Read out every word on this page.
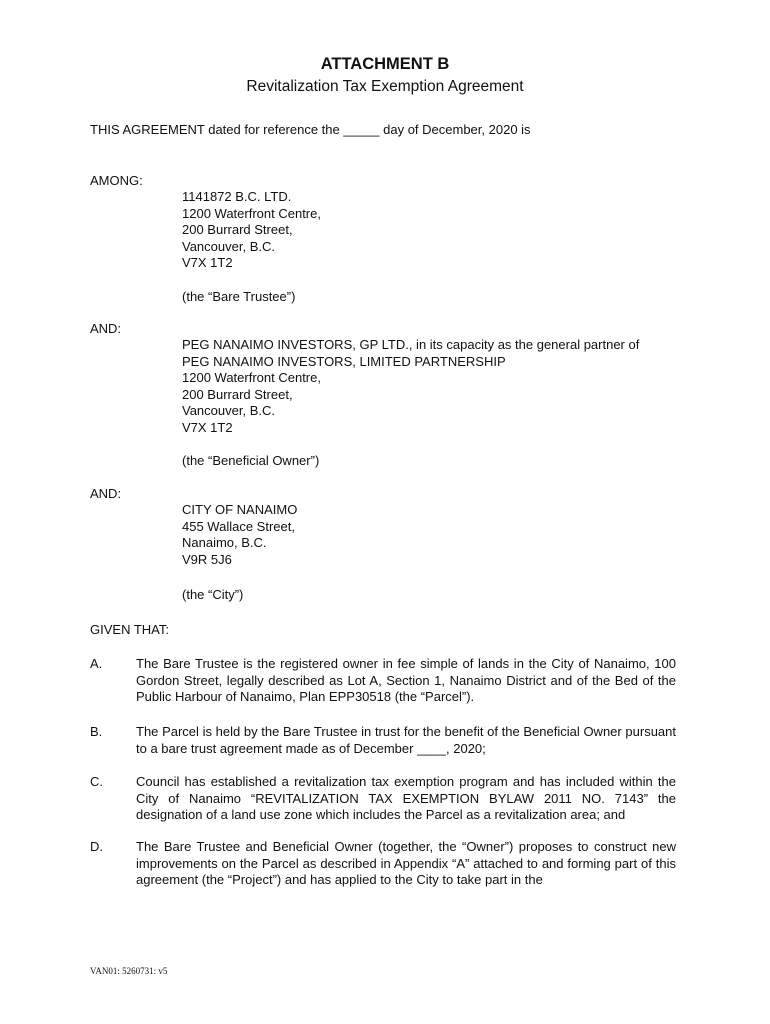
ATTACHMENT B
Revitalization Tax Exemption Agreement
THIS AGREEMENT dated for reference the _____ day of December, 2020 is
AMONG:
1141872 B.C. LTD.
1200 Waterfront Centre,
200 Burrard Street,
Vancouver, B.C.
V7X 1T2
(the “Bare Trustee”)
AND:
PEG NANAIMO INVESTORS, GP LTD., in its capacity as the general partner of
PEG NANAIMO INVESTORS, LIMITED PARTNERSHIP
1200 Waterfront Centre,
200 Burrard Street,
Vancouver, B.C.
V7X 1T2
(the “Beneficial Owner”)
AND:
CITY OF NANAIMO
455 Wallace Street,
Nanaimo, B.C.
V9R 5J6
(the “City”)
GIVEN THAT:
A.	The Bare Trustee is the registered owner in fee simple of lands in the City of Nanaimo, 100 Gordon Street, legally described as Lot A, Section 1, Nanaimo District and of the Bed of the Public Harbour of Nanaimo, Plan EPP30518 (the “Parcel”).
B.	The Parcel is held by the Bare Trustee in trust for the benefit of the Beneficial Owner pursuant to a bare trust agreement made as of December ____, 2020;
C.	Council has established a revitalization tax exemption program and has included within the City of Nanaimo “REVITALIZATION TAX EXEMPTION BYLAW 2011 NO. 7143” the designation of a land use zone which includes the Parcel as a revitalization area; and
D.	The Bare Trustee and Beneficial Owner (together, the “Owner”) proposes to construct new improvements on the Parcel as described in Appendix “A” attached to and forming part of this agreement (the “Project”) and has applied to the City to take part in the
VAN01: 5260731: v5
